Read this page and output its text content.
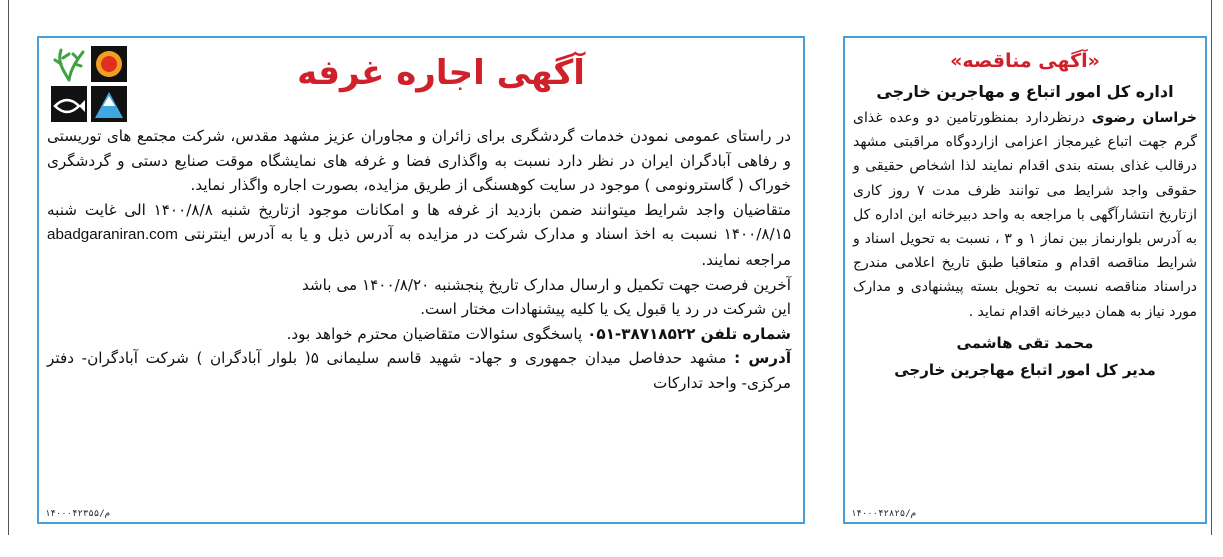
«آگهی مناقصه»
اداره کل امور اتباع و مهاجرین خارجی
خراسان رضوی درنظردارد بمنظورتامین دو وعده غذای گرم جهت اتباع غیرمجاز اعزامی ازاردوگاه مراقبتی مشهد درقالب غذای بسته بندی اقدام نمایند لذا اشخاص حقیقی و حقوقی واجد شرایط می توانند ظرف مدت ۷ روز کاری ازتاریخ انتشارآگهی با مراجعه به واحد دبیرخانه این اداره کل به آدرس بلوارنماز بین نماز ۱ و ۳ ، نسبت به تحویل اسناد و شرایط مناقصه اقدام و متعاقبا طبق تاریخ اعلامی مندرج دراسناد مناقصه نسبت به تحویل بسته پیشنهادی و مدارک مورد نیاز به همان دبیرخانه اقدام نماید .
محمد تقی هاشمی
مدیر کل امور اتباع مهاجرین خارجی
م/۱۴۰۰۰۴۲۸۲۵
آگهی اجاره غرفه

در راستای عمومی نمودن خدمات گردشگری برای زائران و مجاوران عزیز مشهد مقدس، شرکت مجتمع های توریستی و رفاهی آبادگران ایران در نظر دارد نسبت به واگذاری فضا و غرفه های نمایشگاه موقت صنایع دستی و گردشگری خوراک ( گاسترونومی ) موجود در سایت کوهسنگی از طریق مزایده، بصورت اجاره واگذار نماید.

متقاضیان واجد شرایط میتوانند ضمن بازدید از غرفه ها و امکانات موجود ازتاریخ شنبه ۱۴۰۰/۸/۸ الی غایت شنبه ۱۴۰۰/۸/۱۵ نسبت به اخذ اسناد و مدارک شرکت در مزایده به آدرس ذیل و یا به آدرس اینترنتی abadgaraniran.com مراجعه نمایند.

آخرین فرصت جهت تکمیل و ارسال مدارک تاریخ پنجشنبه ۱۴۰۰/۸/۲۰ می باشد

این شرکت در رد یا قبول یک یا کلیه پیشنهادات مختار است.

شماره تلفن ۳۸۷۱۸۵۲۲-۰۵۱ پاسخگوی سئوالات متقاضیان محترم خواهد بود.

آدرس : مشهد حدفاصل میدان جمهوری و جهاد- شهید قاسم سلیمانی ۵( بلوار آبادگران ) شرکت آبادگران- دفتر مرکزی- واحد تدارکات

م/۱۴۰۰۰۴۲۳۵۵
